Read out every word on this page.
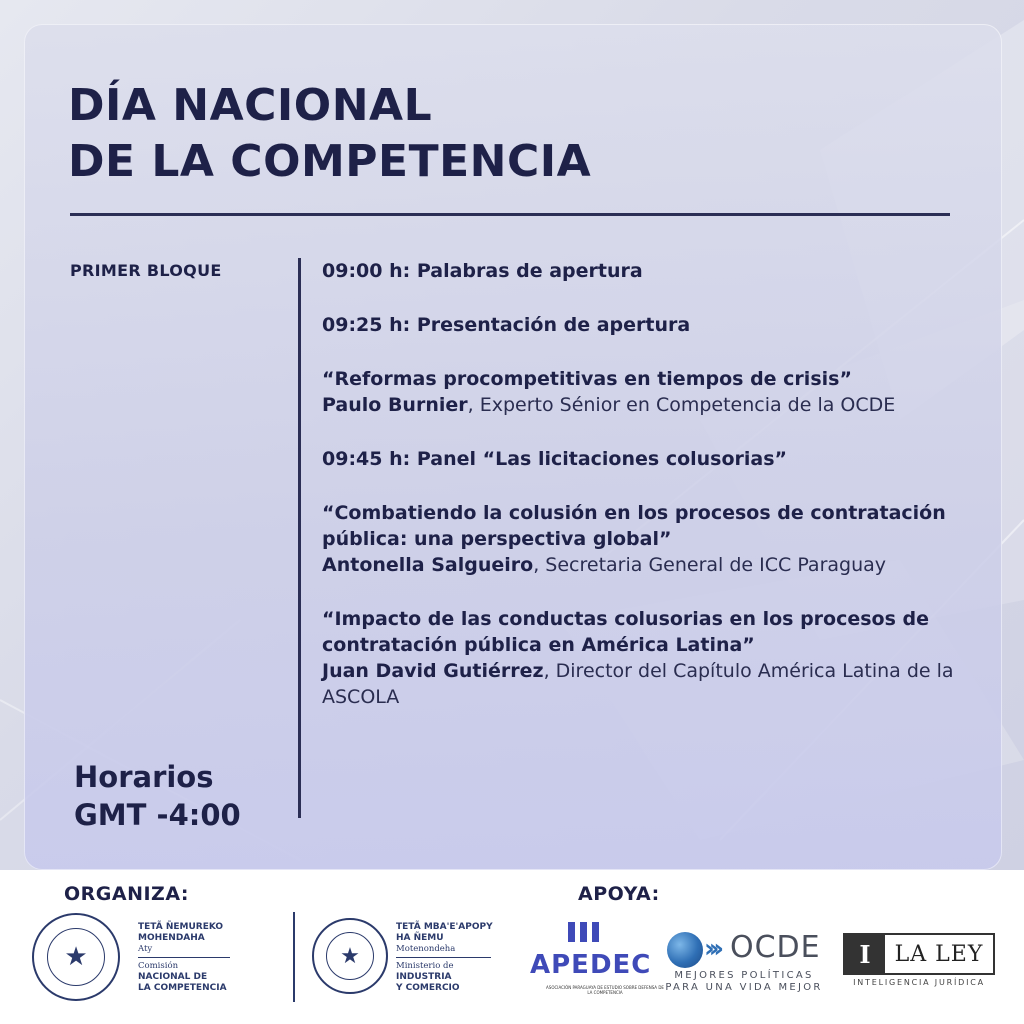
DÍA NACIONAL
DE LA COMPETENCIA
PRIMER BLOQUE	09:00 h: Palabras de apertura
09:25 h: Presentación de apertura
“Reformas procompetitivas en tiempos de crisis”
Paulo Burnier, Experto Sénior en Competencia de la OCDE
09:45 h: Panel “Las licitaciones colusorias”
“Combatiendo la colusión en los procesos de contratación pública: una perspectiva global”
Antonella Salgueiro, Secretaria General de ICC Paraguay
“Impacto de las conductas colusorias en los procesos de contratación pública en América Latina”
Juan David Gutiérrez, Director del Capítulo América Latina de la ASCOLA
Horarios
GMT -4:00
ORGANIZA:	APOYA:
★
TETÃ ÑEMUREKO
MOHENDAHA
Aty
Comisión
NACIONAL DE
LA COMPETENCIA
★
TETÃ MBA'E'APOPY
HA ÑEMU
Motenondeha
Ministerio de
INDUSTRIA
Y COMERCIO
APEDEC
ASOCIACIÓN PARAGUAYA DE ESTUDIO SOBRE DEFENSA DE LA COMPETENCIA
››› OCDE
MEJORES POLÍTICAS
PARA UNA VIDA MEJOR
I	LA LEY
INTELIGENCIA JURÍDICA
